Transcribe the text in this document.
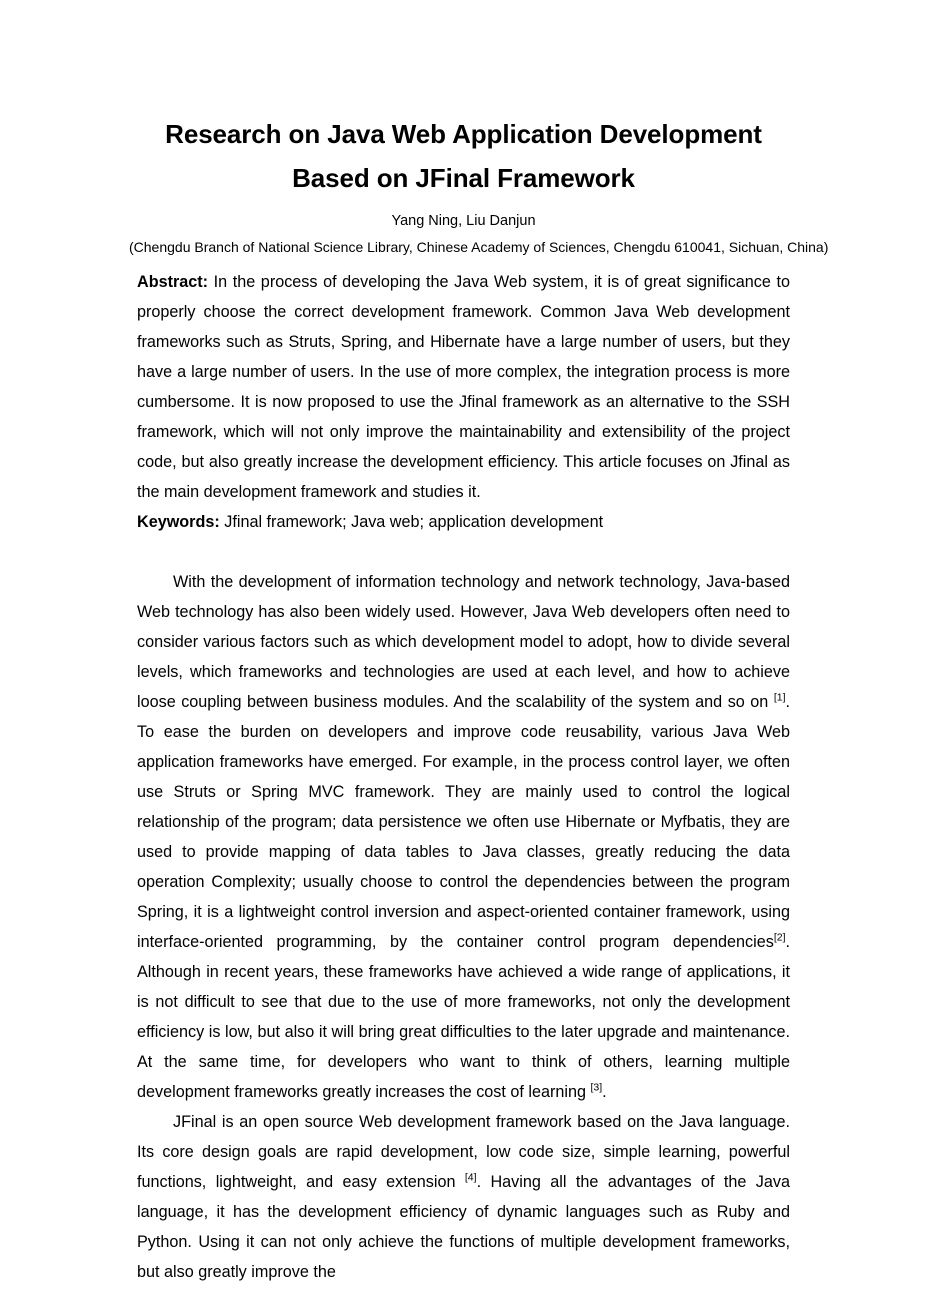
Research on Java Web Application Development
Based on JFinal Framework
Yang Ning, Liu Danjun
(Chengdu Branch of National Science Library, Chinese Academy of Sciences, Chengdu 610041, Sichuan, China)

Abstract: In the process of developing the Java Web system, it is of great significance to properly choose the correct development framework. Common Java Web development frameworks such as Struts, Spring, and Hibernate have a large number of users, but they have a large number of users. In the use of more complex, the integration process is more cumbersome. It is now proposed to use the Jfinal framework as an alternative to the SSH framework, which will not only improve the maintainability and extensibility of the project code, but also greatly increase the development efficiency. This article focuses on Jfinal as the main development framework and studies it.

Keywords: Jfinal framework; Java web; application development

With the development of information technology and network technology, Java-based Web technology has also been widely used. However, Java Web developers often need to consider various factors such as which development model to adopt, how to divide several levels, which frameworks and technologies are used at each level, and how to achieve loose coupling between business modules. And the scalability of the system and so on [1]. To ease the burden on developers and improve code reusability, various Java Web application frameworks have emerged. For example, in the process control layer, we often use Struts or Spring MVC framework. They are mainly used to control the logical relationship of the program; data persistence we often use Hibernate or Myfbatis, they are used to provide mapping of data tables to Java classes, greatly reducing the data operation Complexity; usually choose to control the dependencies between the program Spring, it is a lightweight control inversion and aspect-oriented container framework, using interface-oriented programming, by the container control program dependencies[2]. Although in recent years, these frameworks have achieved a wide range of applications, it is not difficult to see that due to the use of more frameworks, not only the development efficiency is low, but also it will bring great difficulties to the later upgrade and maintenance. At the same time, for developers who want to think of others, learning multiple development frameworks greatly increases the cost of learning [3].

JFinal is an open source Web development framework based on the Java language. Its core design goals are rapid development, low code size, simple learning, powerful functions, lightweight, and easy extension [4]. Having all the advantages of the Java language, it has the development efficiency of dynamic languages such as Ruby and Python. Using it can not only achieve the functions of multiple development frameworks, but also greatly improve the
